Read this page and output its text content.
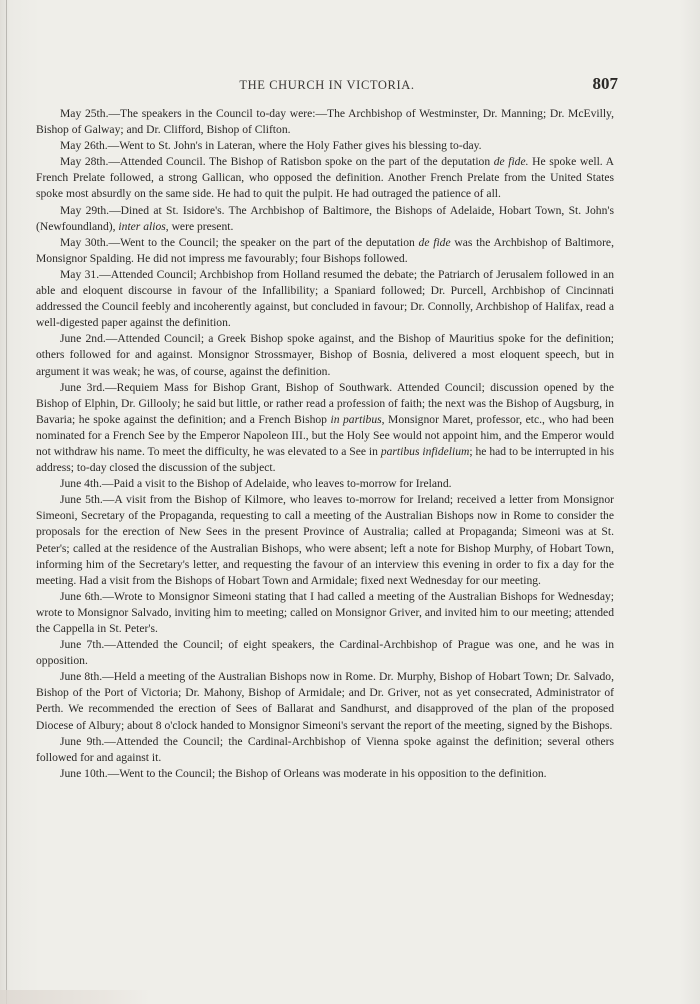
THE CHURCH IN VICTORIA.	807

May 25th.—The speakers in the Council to-day were:—The Archbishop of Westminster, Dr. Manning; Dr. McEvilly, Bishop of Galway; and Dr. Clifford, Bishop of Clifton.

May 26th.—Went to St. John's in Lateran, where the Holy Father gives his blessing to-day.

May 28th.—Attended Council. The Bishop of Ratisbon spoke on the part of the deputation de fide. He spoke well. A French Prelate followed, a strong Gallican, who opposed the definition. Another French Prelate from the United States spoke most absurdly on the same side. He had to quit the pulpit. He had outraged the patience of all.

May 29th.—Dined at St. Isidore's. The Archbishop of Baltimore, the Bishops of Adelaide, Hobart Town, St. John's (Newfoundland), inter alios, were present.

May 30th.—Went to the Council; the speaker on the part of the deputation de fide was the Archbishop of Baltimore, Monsignor Spalding. He did not impress me favourably; four Bishops followed.

May 31.—Attended Council; Archbishop from Holland resumed the debate; the Patriarch of Jerusalem followed in an able and eloquent discourse in favour of the Infallibility; a Spaniard followed; Dr. Purcell, Archbishop of Cincinnati addressed the Council feebly and incoherently against, but concluded in favour; Dr. Connolly, Archbishop of Halifax, read a well-digested paper against the definition.

June 2nd.—Attended Council; a Greek Bishop spoke against, and the Bishop of Mauritius spoke for the definition; others followed for and against. Monsignor Strossmayer, Bishop of Bosnia, delivered a most eloquent speech, but in argument it was weak; he was, of course, against the definition.

June 3rd.—Requiem Mass for Bishop Grant, Bishop of Southwark. Attended Council; discussion opened by the Bishop of Elphin, Dr. Gillooly; he said but little, or rather read a profession of faith; the next was the Bishop of Augsburg, in Bavaria; he spoke against the definition; and a French Bishop in partibus, Monsignor Maret, professor, etc., who had been nominated for a French See by the Emperor Napoleon III., but the Holy See would not appoint him, and the Emperor would not withdraw his name. To meet the difficulty, he was elevated to a See in partibus infidelium; he had to be interrupted in his address; to-day closed the discussion of the subject.

June 4th.—Paid a visit to the Bishop of Adelaide, who leaves to-morrow for Ireland.

June 5th.—A visit from the Bishop of Kilmore, who leaves to-morrow for Ireland; received a letter from Monsignor Simeoni, Secretary of the Propaganda, requesting to call a meeting of the Australian Bishops now in Rome to consider the proposals for the erection of New Sees in the present Province of Australia; called at Propaganda; Simeoni was at St. Peter's; called at the residence of the Australian Bishops, who were absent; left a note for Bishop Murphy, of Hobart Town, informing him of the Secretary's letter, and requesting the favour of an interview this evening in order to fix a day for the meeting. Had a visit from the Bishops of Hobart Town and Armidale; fixed next Wednesday for our meeting.

June 6th.—Wrote to Monsignor Simeoni stating that I had called a meeting of the Australian Bishops for Wednesday; wrote to Monsignor Salvado, inviting him to meeting; called on Monsignor Griver, and invited him to our meeting; attended the Cappella in St. Peter's.

June 7th.—Attended the Council; of eight speakers, the Cardinal-Archbishop of Prague was one, and he was in opposition.

June 8th.—Held a meeting of the Australian Bishops now in Rome. Dr. Murphy, Bishop of Hobart Town; Dr. Salvado, Bishop of the Port of Victoria; Dr. Mahony, Bishop of Armidale; and Dr. Griver, not as yet consecrated, Administrator of Perth. We recommended the erection of Sees of Ballarat and Sandhurst, and disapproved of the plan of the proposed Diocese of Albury; about 8 o'clock handed to Monsignor Simeoni's servant the report of the meeting, signed by the Bishops.

June 9th.—Attended the Council; the Cardinal-Archbishop of Vienna spoke against the definition; several others followed for and against it.

June 10th.—Went to the Council; the Bishop of Orleans was moderate in his opposition to the definition.
